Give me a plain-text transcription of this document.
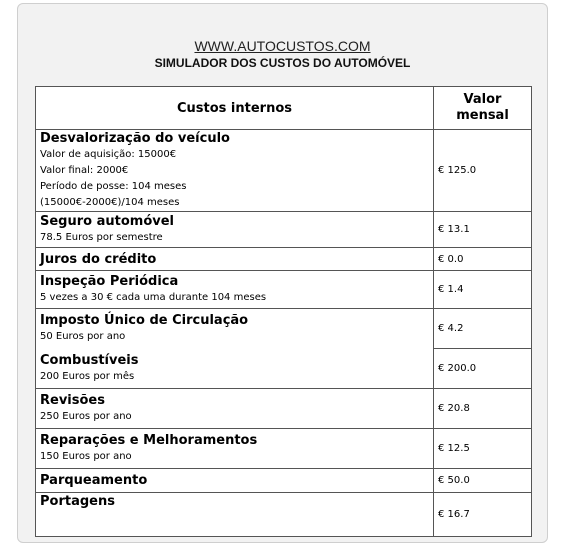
WWW.AUTOCUSTOS.COM
SIMULADOR DOS CUSTOS DO AUTOMÓVEL
Custos internos	Valor mensal

Desvalorização do veículo
Valor de aquisição: 15000€
Valor final: 2000€
Período de posse: 104 meses
(15000€-2000€)/104 meses	€ 125.0

Seguro automóvel
78.5 Euros por semestre	€ 13.1

Juros do crédito	€ 0.0

Inspeção Periódica
5 vezes a 30 € cada uma durante 104 meses	€ 1.4

Imposto Único de Circulação
50 Euros por ano	€ 4.2

Combustíveis
200 Euros por mês	€ 200.0

Revisões
250 Euros por ano	€ 20.8

Reparações e Melhoramentos
150 Euros por ano	€ 12.5

Parqueamento	€ 50.0

Portagens	€ 16.7
